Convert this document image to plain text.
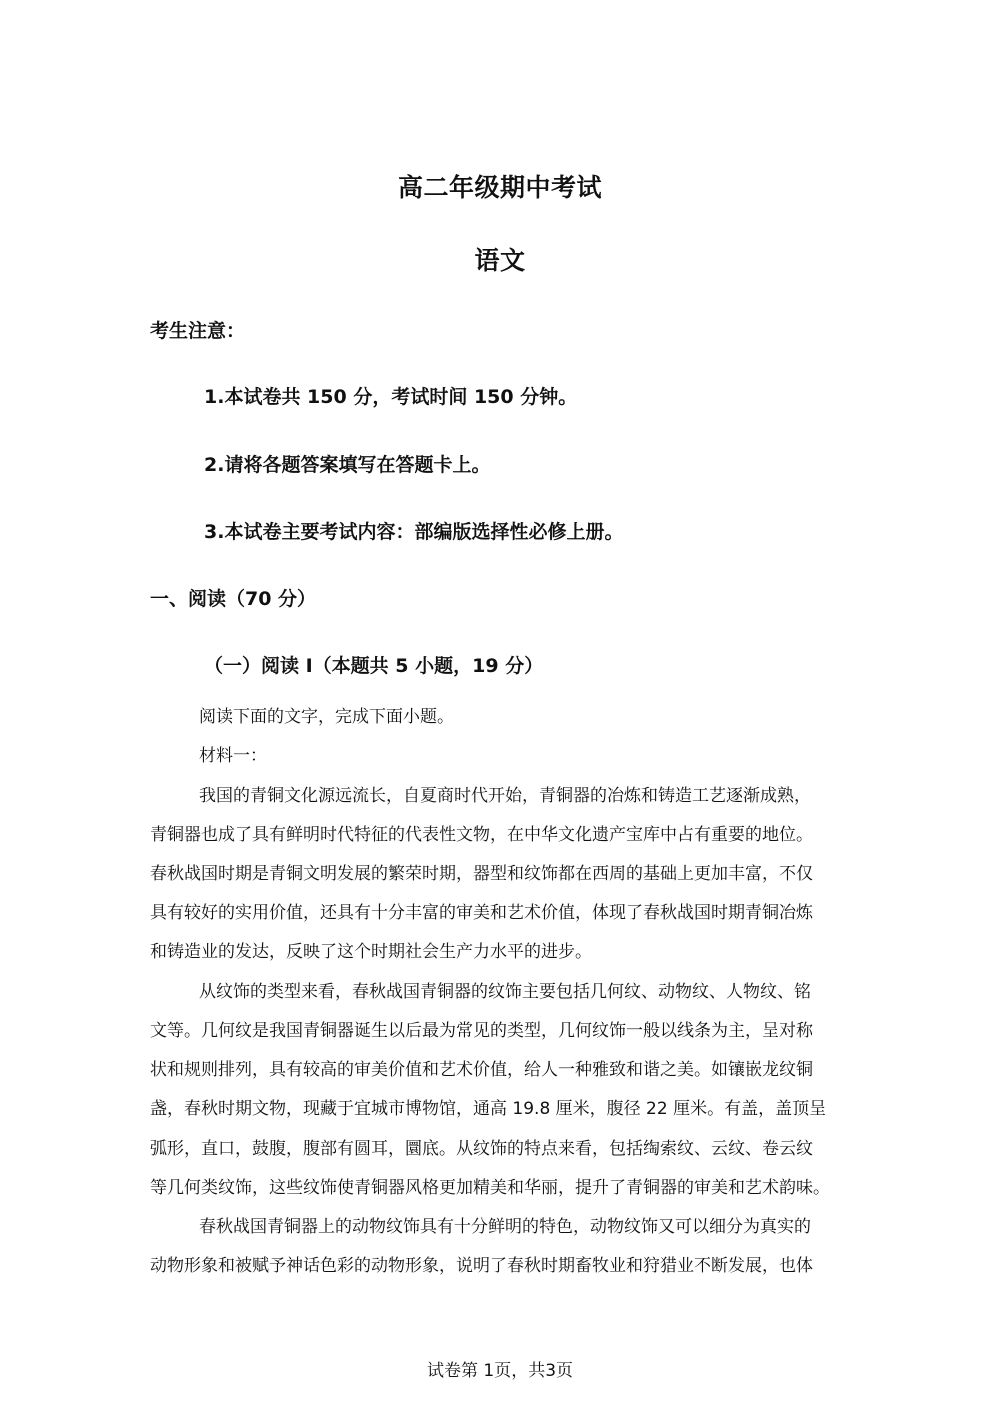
高二年级期中考试
语文
考生注意：
1.本试卷共 150 分，考试时间 150 分钟。
2.请将各题答案填写在答题卡上。
3.本试卷主要考试内容：部编版选择性必修上册。
一、阅读（70 分）
（一）阅读 I（本题共 5 小题，19 分）
阅读下面的文字，完成下面小题。
材料一：
我国的青铜文化源远流长，自夏商时代开始，青铜器的冶炼和铸造工艺逐渐成熟，
青铜器也成了具有鲜明时代特征的代表性文物，在中华文化遗产宝库中占有重要的地位。
春秋战国时期是青铜文明发展的繁荣时期，器型和纹饰都在西周的基础上更加丰富，不仅
具有较好的实用价值，还具有十分丰富的审美和艺术价值，体现了春秋战国时期青铜冶炼
和铸造业的发达，反映了这个时期社会生产力水平的进步。
从纹饰的类型来看，春秋战国青铜器的纹饰主要包括几何纹、动物纹、人物纹、铭
文等。几何纹是我国青铜器诞生以后最为常见的类型，几何纹饰一般以线条为主，呈对称
状和规则排列，具有较高的审美价值和艺术价值，给人一种雅致和谐之美。如镶嵌龙纹铜
盏，春秋时期文物，现藏于宜城市博物馆，通高 19.8 厘米，腹径 22 厘米。有盖，盖顶呈
弧形，直口，鼓腹，腹部有圆耳，圜底。从纹饰的特点来看，包括绹索纹、云纹、卷云纹
等几何类纹饰，这些纹饰使青铜器风格更加精美和华丽，提升了青铜器的审美和艺术韵味。
春秋战国青铜器上的动物纹饰具有十分鲜明的特色，动物纹饰又可以细分为真实的
动物形象和被赋予神话色彩的动物形象，说明了春秋时期畜牧业和狩猎业不断发展，也体
试卷第 1页，共3页
